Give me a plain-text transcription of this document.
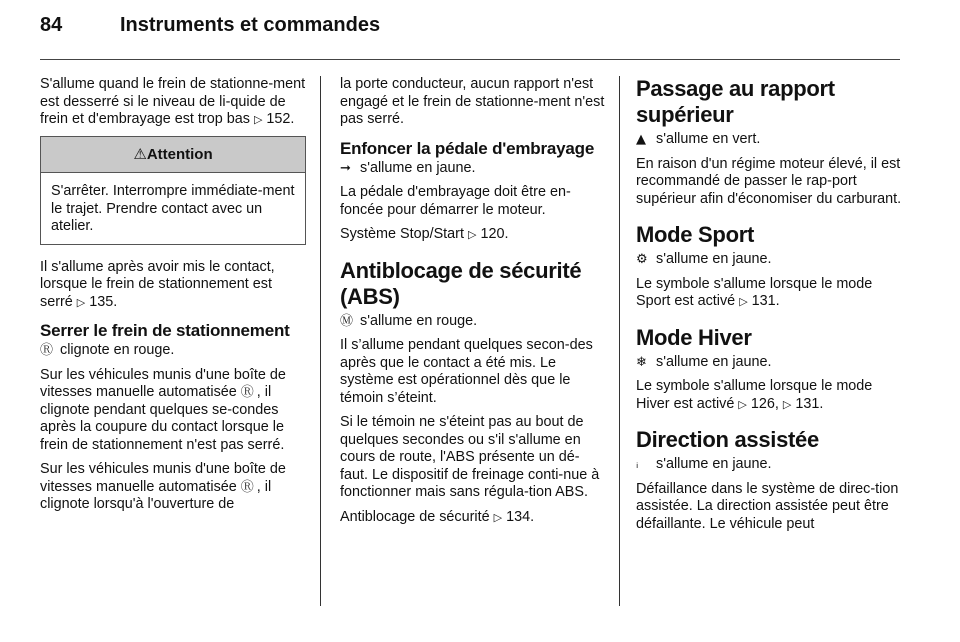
84	Instruments et commandes

S'allume quand le frein de stationne-ment est desserré si le niveau de li-quide de frein et d'embrayage est trop bas ▷ 152.

⚠Attention
S'arrêter. Interrompre immédiate-ment le trajet. Prendre contact avec un atelier.

Il s'allume après avoir mis le contact, lorsque le frein de stationnement est serré ▷ 135.

Serrer le frein de stationnement

Ⓡ clignote en rouge.

Sur les véhicules munis d'une boîte de vitesses manuelle automatisée Ⓡ , il clignote pendant quelques se-condes après la coupure du contact lorsque le frein de stationnement n'est pas serré.

Sur les véhicules munis d'une boîte de vitesses manuelle automatisée Ⓡ , il clignote lorsqu'à l'ouverture de

la porte conducteur, aucun rapport n'est engagé et le frein de stationne-ment n'est pas serré.

Enfoncer la pédale d'embrayage

➞ s'allume en jaune.

La pédale d'embrayage doit être en-foncée pour démarrer le moteur.

Système Stop/Start ▷ 120.

Antiblocage de sécurité (ABS)

Ⓜ s'allume en rouge.

Il s’allume pendant quelques secon-des après que le contact a été mis. Le système est opérationnel dès que le témoin s’éteint.

Si le témoin ne s'éteint pas au bout de quelques secondes ou s'il s'allume en cours de route, l'ABS présente un dé-faut. Le dispositif de freinage conti-nue à fonctionner mais sans régula-tion ABS.

Antiblocage de sécurité ▷ 134.

Passage au rapport supérieur

▲ s'allume en vert.

En raison d'un régime moteur élevé, il est recommandé de passer le rap-port supérieur afin d'économiser du carburant.

Mode Sport

⚙ s'allume en jaune.

Le symbole s'allume lorsque le mode Sport est activé ▷ 131.

Mode Hiver

❄ s'allume en jaune.

Le symbole s'allume lorsque le mode Hiver est activé ▷ 126, ▷ 131.

Direction assistée

ᵢ s'allume en jaune.

Défaillance dans le système de direc-tion assistée. La direction assistée peut être défaillante. Le véhicule peut
